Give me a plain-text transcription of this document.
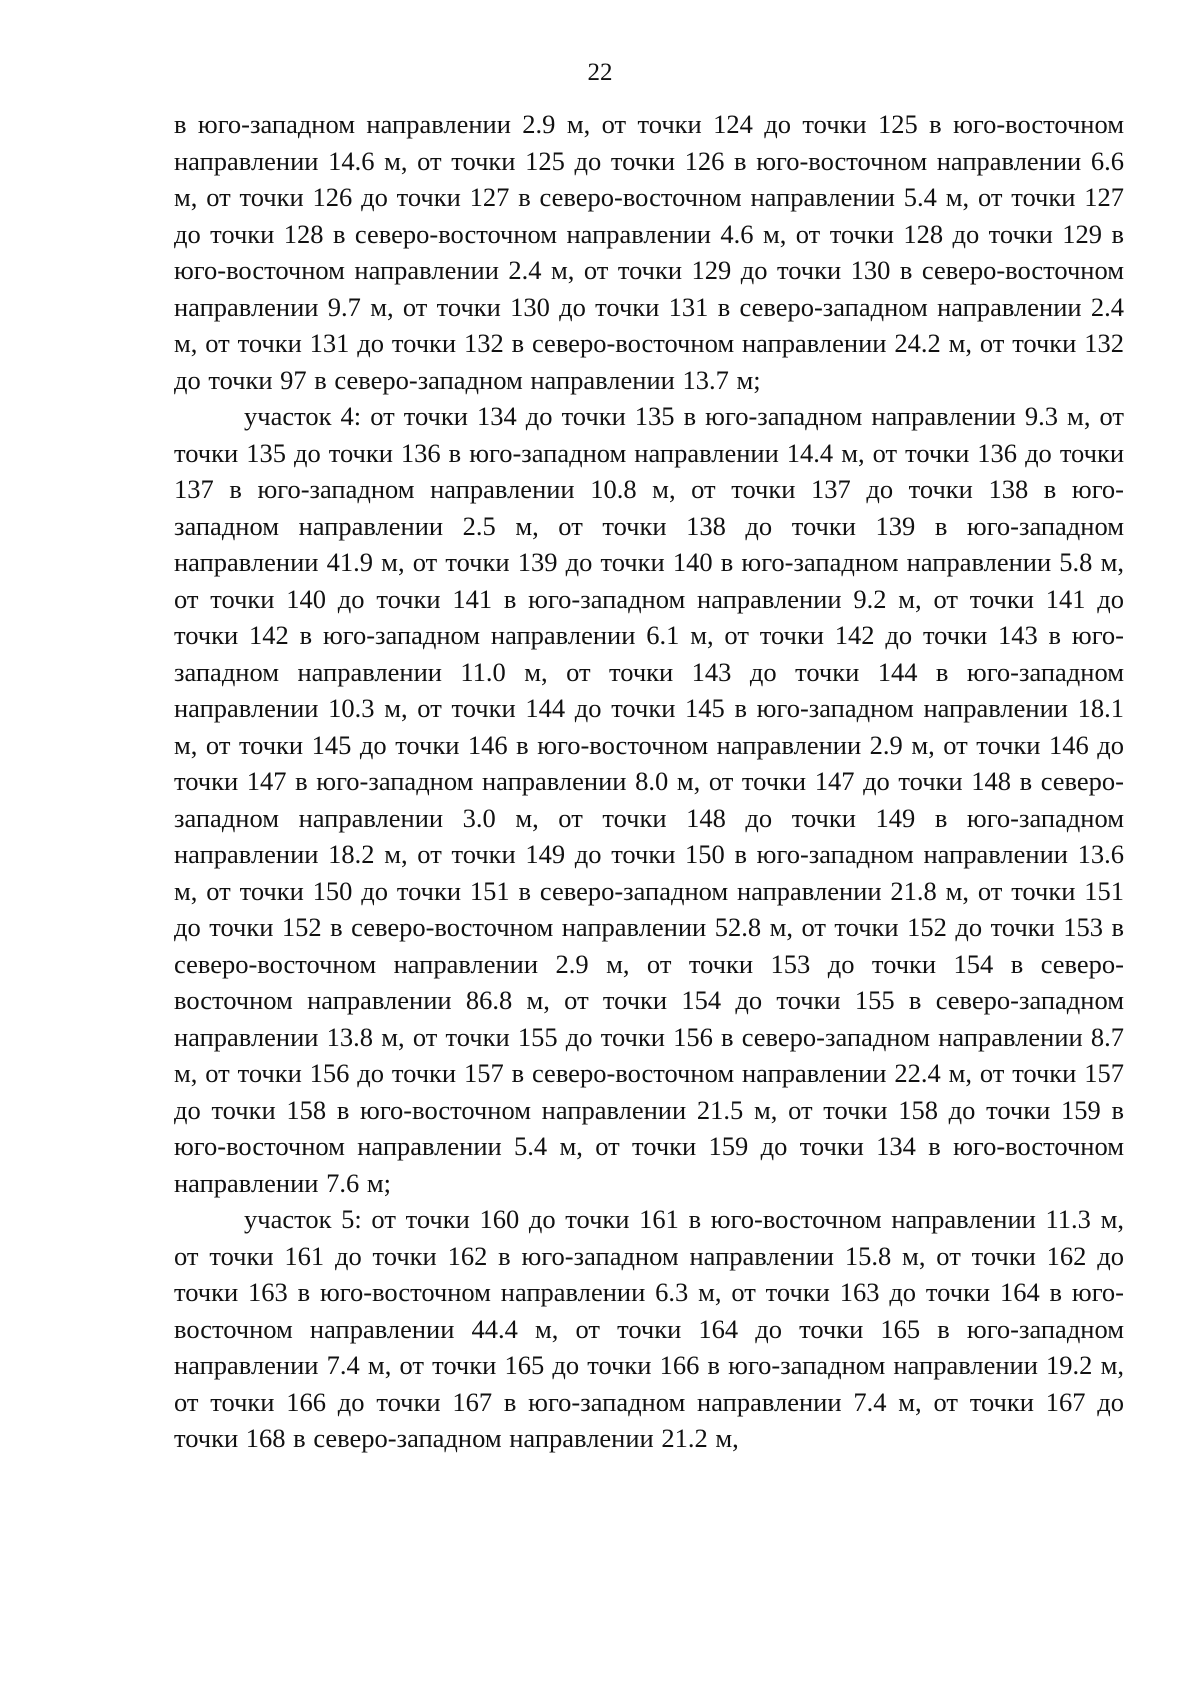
22

в юго-западном направлении 2.9 м, от точки 124 до точки 125 в юго-восточном направлении 14.6 м, от точки 125 до точки 126 в юго-восточном направлении 6.6 м, от точки 126 до точки 127 в северо-восточном направлении 5.4 м, от точки 127 до точки 128 в северо-восточном направлении 4.6 м, от точки 128 до точки 129 в юго-восточном направлении 2.4 м, от точки 129 до точки 130 в северо-восточном направлении 9.7 м, от точки 130 до точки 131 в северо-западном направлении 2.4 м, от точки 131 до точки 132 в северо-восточном направлении 24.2 м, от точки 132 до точки 97 в северо-западном направлении 13.7 м;

участок 4: от точки 134 до точки 135 в юго-западном направлении 9.3 м, от точки 135 до точки 136 в юго-западном направлении 14.4 м, от точки 136 до точки 137 в юго-западном направлении 10.8 м, от точки 137 до точки 138 в юго-западном направлении 2.5 м, от точки 138 до точки 139 в юго-западном направлении 41.9 м, от точки 139 до точки 140 в юго-западном направлении 5.8 м, от точки 140 до точки 141 в юго-западном направлении 9.2 м, от точки 141 до точки 142 в юго-западном направлении 6.1 м, от точки 142 до точки 143 в юго-западном направлении 11.0 м, от точки 143 до точки 144 в юго-западном направлении 10.3 м, от точки 144 до точки 145 в юго-западном направлении 18.1 м, от точки 145 до точки 146 в юго-восточном направлении 2.9 м, от точки 146 до точки 147 в юго-западном направлении 8.0 м, от точки 147 до точки 148 в северо-западном направлении 3.0 м, от точки 148 до точки 149 в юго-западном направлении 18.2 м, от точки 149 до точки 150 в юго-западном направлении 13.6 м, от точки 150 до точки 151 в северо-западном направлении 21.8 м, от точки 151 до точки 152 в северо-восточном направлении 52.8 м, от точки 152 до точки 153 в северо-восточном направлении 2.9 м, от точки 153 до точки 154 в северо-восточном направлении 86.8 м, от точки 154 до точки 155 в северо-западном направлении 13.8 м, от точки 155 до точки 156 в северо-западном направлении 8.7 м, от точки 156 до точки 157 в северо-восточном направлении 22.4 м, от точки 157 до точки 158 в юго-восточном направлении 21.5 м, от точки 158 до точки 159 в юго-восточном направлении 5.4 м, от точки 159 до точки 134 в юго-восточном направлении 7.6 м;

участок 5: от точки 160 до точки 161 в юго-восточном направлении 11.3 м, от точки 161 до точки 162 в юго-западном направлении 15.8 м, от точки 162 до точки 163 в юго-восточном направлении 6.3 м, от точки 163 до точки 164 в юго-восточном направлении 44.4 м, от точки 164 до точки 165 в юго-западном направлении 7.4 м, от точки 165 до точки 166 в юго-западном направлении 19.2 м, от точки 166 до точки 167 в юго-западном направлении 7.4 м, от точки 167 до точки 168 в северо-западном направлении 21.2 м,
